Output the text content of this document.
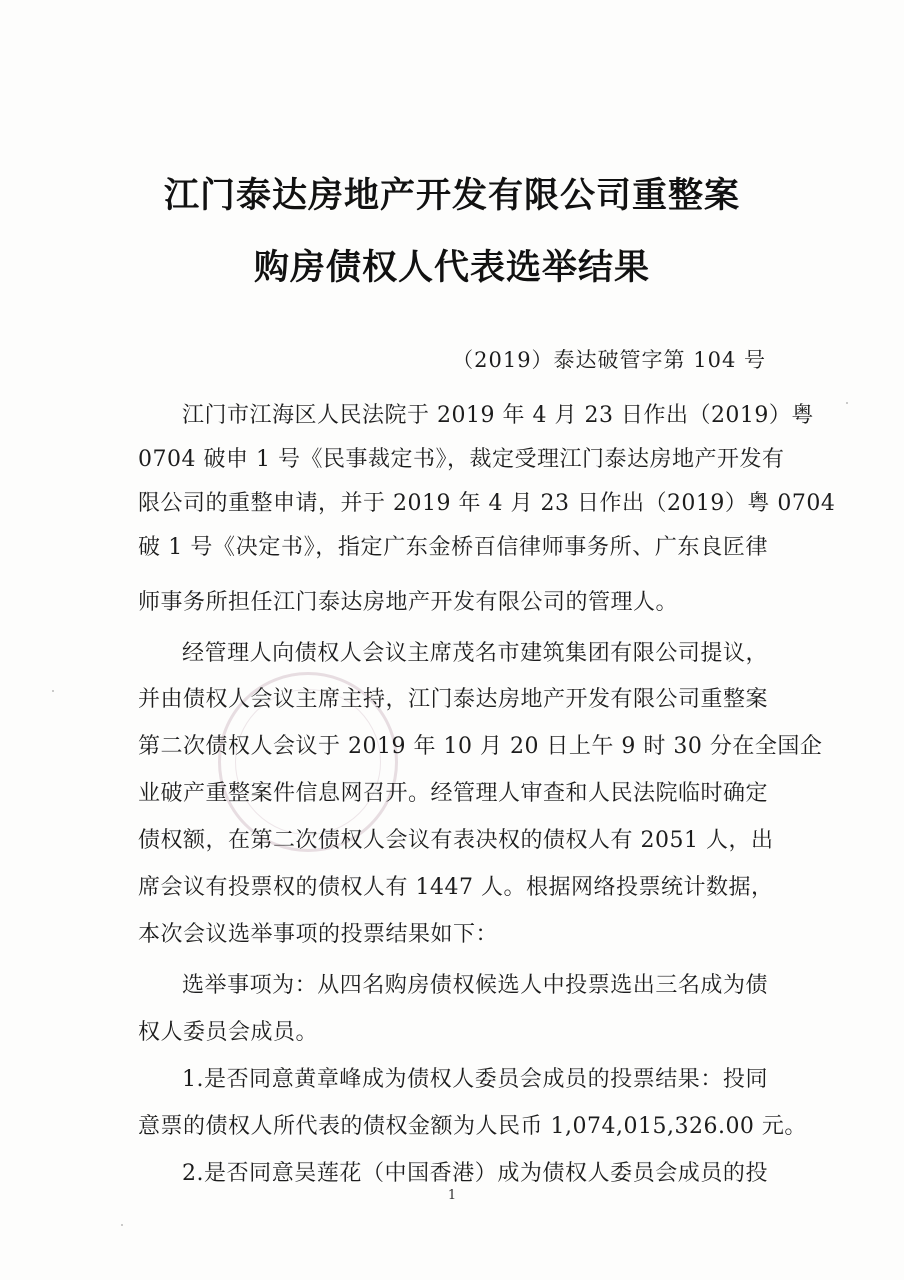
江门泰达房地产开发有限公司重整案
购房债权人代表选举结果
（2019）泰达破管字第 104 号
江门市江海区人民法院于 2019 年 4 月 23 日作出（2019）粤
0704 破申 1 号《民事裁定书》，裁定受理江门泰达房地产开发有
限公司的重整申请，并于 2019 年 4 月 23 日作出（2019）粤 0704
破 1 号《决定书》，指定广东金桥百信律师事务所、广东良匠律
师事务所担任江门泰达房地产开发有限公司的管理人。
经管理人向债权人会议主席茂名市建筑集团有限公司提议，
并由债权人会议主席主持，江门泰达房地产开发有限公司重整案
第二次债权人会议于 2019 年 10 月 20 日上午 9 时 30 分在全国企
业破产重整案件信息网召开。经管理人审查和人民法院临时确定
债权额，在第二次债权人会议有表决权的债权人有 2051 人，出
席会议有投票权的债权人有 1447 人。根据网络投票统计数据，
本次会议选举事项的投票结果如下：
选举事项为：从四名购房债权候选人中投票选出三名成为债
权人委员会成员。
1.是否同意黄章峰成为债权人委员会成员的投票结果：投同
意票的债权人所代表的债权金额为人民币 1,074,015,326.00 元。
2.是否同意吴莲花（中国香港）成为债权人委员会成员的投
1
